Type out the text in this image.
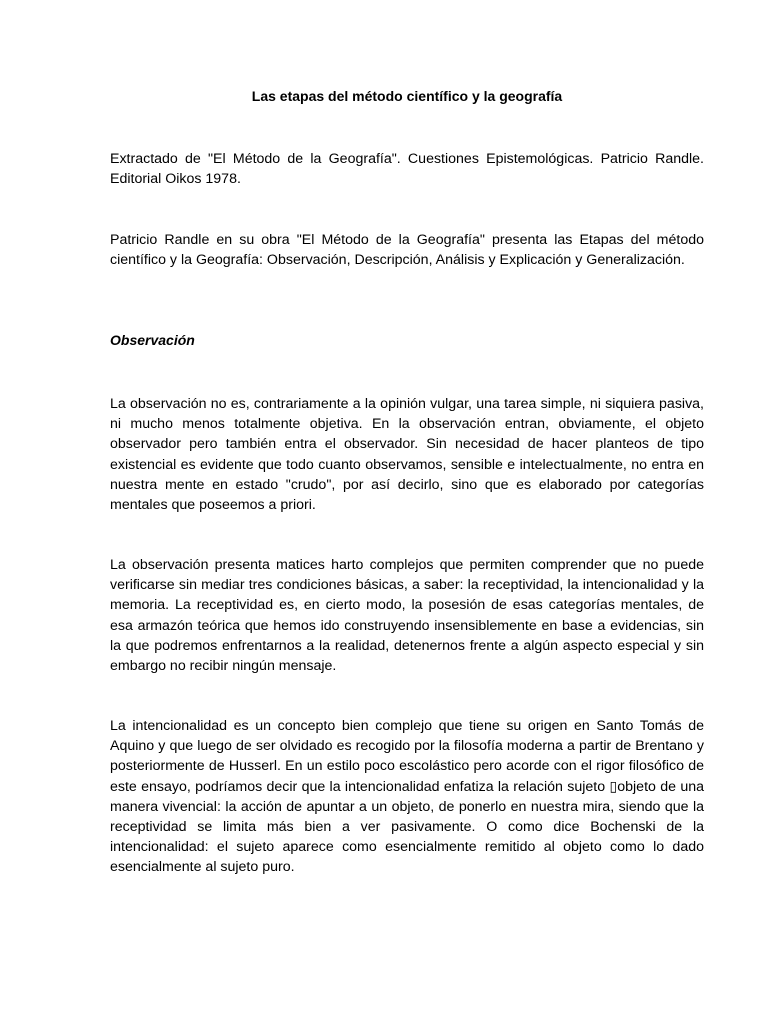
Las etapas del método científico y la geografía

Extractado de "El Método de la Geografía". Cuestiones Epistemológicas. Patricio Randle. Editorial Oikos 1978.

Patricio Randle en su obra "El Método de la Geografía" presenta las Etapas del método científico y la Geografía: Observación, Descripción, Análisis y Explicación y Generalización.

Observación

La observación no es, contrariamente a la opinión vulgar, una tarea simple, ni siquiera pasiva, ni mucho menos totalmente objetiva. En la observación entran, obviamente, el objeto observador pero también entra el observador. Sin necesidad de hacer planteos de tipo existencial es evidente que todo cuanto observamos, sensible e intelectualmente, no entra en nuestra mente en estado "crudo", por así decirlo, sino que es elaborado por categorías mentales que poseemos a priori.

La observación presenta matices harto complejos que permiten comprender que no puede verificarse sin mediar tres condiciones básicas, a saber: la receptividad, la intencionalidad y la memoria. La receptividad es, en cierto modo, la posesión de esas categorías mentales, de esa armazón teórica que hemos ido construyendo insensiblemente en base a evidencias, sin la que podremos enfrentarnos a la realidad, detenernos frente a algún aspecto especial y sin embargo no recibir ningún mensaje.

La intencionalidad es un concepto bien complejo que tiene su origen en Santo Tomás de Aquino y que luego de ser olvidado es recogido por la filosofía moderna a partir de Brentano y posteriormente de Husserl. En un estilo poco escolástico pero acorde con el rigor filosófico de este ensayo, podríamos decir que la intencionalidad enfatiza la relación sujeto ▯objeto de una manera vivencial: la acción de apuntar a un objeto, de ponerlo en nuestra mira, siendo que la receptividad se limita más bien a ver pasivamente. O como dice Bochenski de la intencionalidad: el sujeto aparece como esencialmente remitido al objeto como lo dado esencialmente al sujeto puro.
